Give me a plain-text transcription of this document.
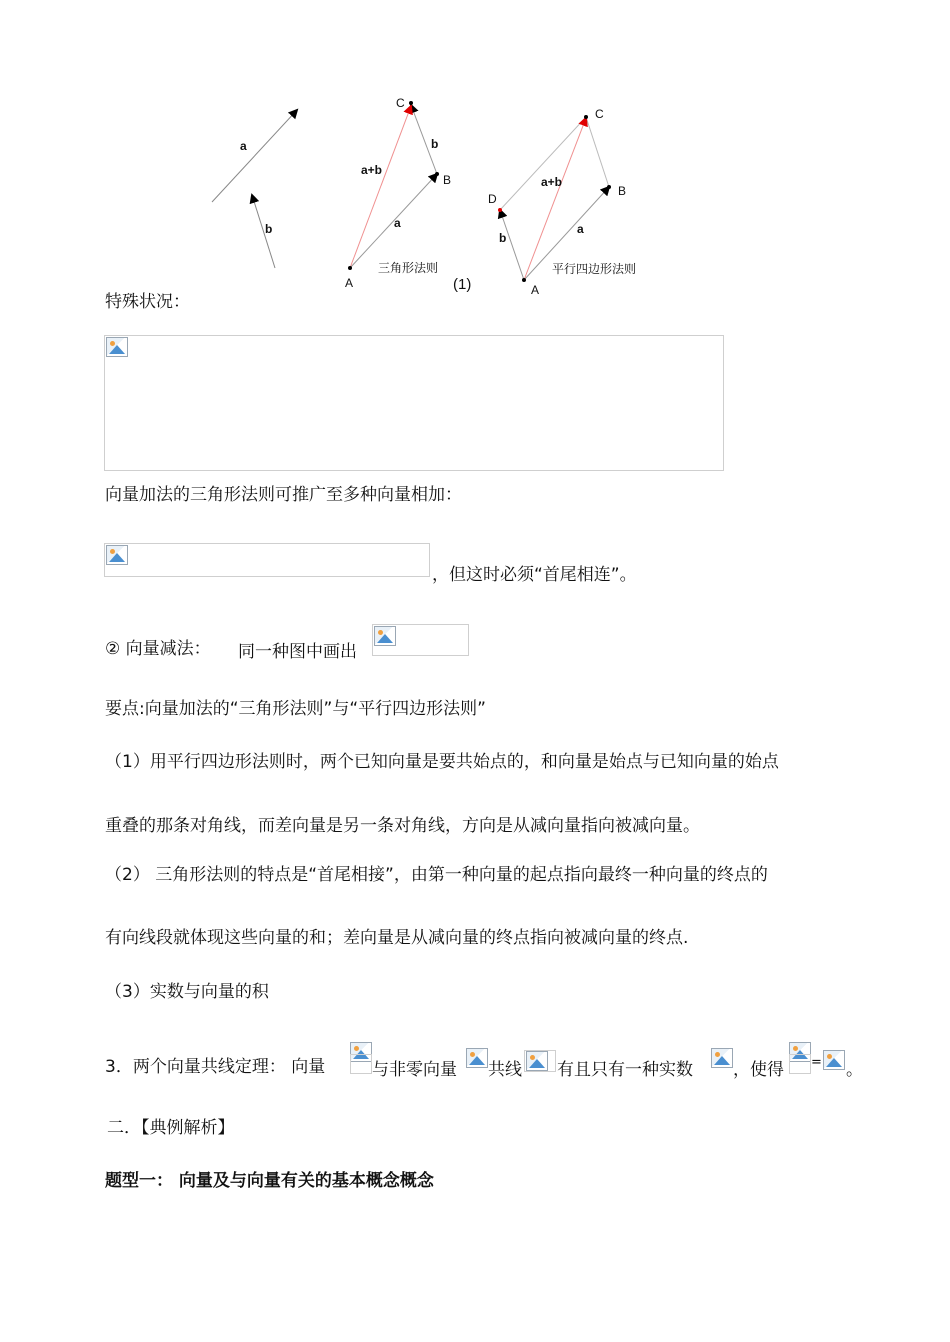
a
b
C
b
a+b
B
a
三角形法则
A	(1)
C
a+b
B
D
a
b
平行四边形法则
A
特殊状况：
向量加法的三角形法则可推广至多种向量相加：
，但这时必须“首尾相连”。
② 向量减法： 同一种图中画出
要点:向量加法的“三角形法则”与“平行四边形法则”
（1）用平行四边形法则时，两个已知向量是要共始点的，和向量是始点与已知向量的始点
重叠的那条对角线，而差向量是另一条对角线，方向是从减向量指向被减向量。
（2） 三角形法则的特点是“首尾相接”，由第一种向量的起点指向最终一种向量的终点的
有向线段就体现这些向量的和；差向量是从减向量的终点指向被减向量的终点.
（3）实数与向量的积
3．两个向量共线定理： 向量	与非零向量 共线 有且只有一种实数 ，使得 = 。
二．【典例解析】
题型一： 向量及与向量有关的基本概念概念
